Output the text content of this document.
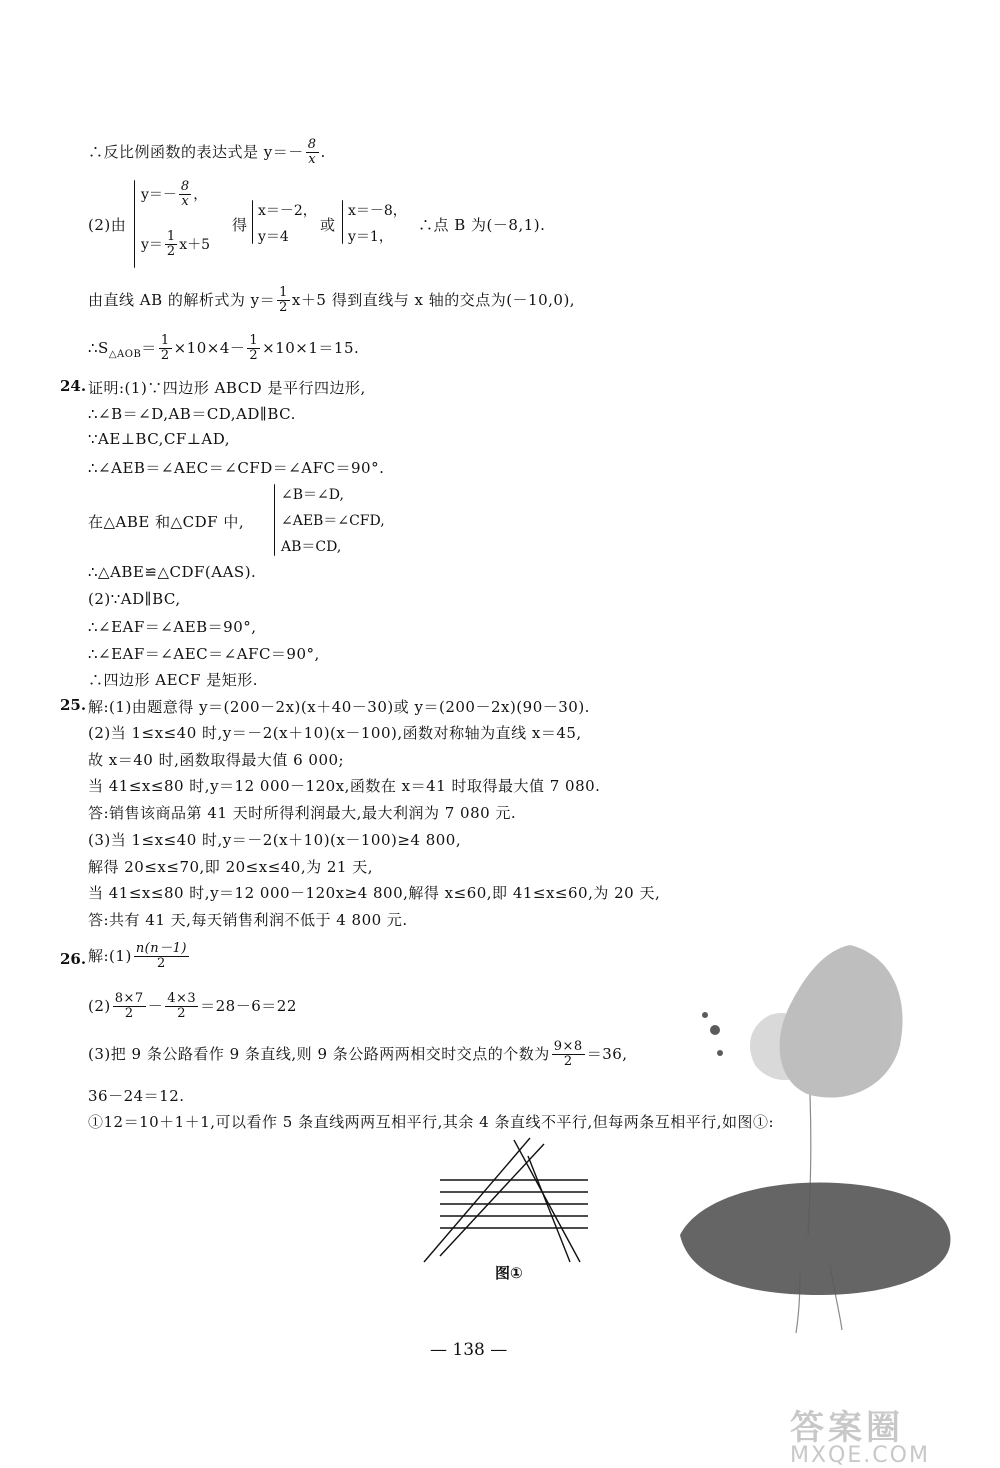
∴反比例函数的表达式是 $y=- \frac{8}{x}$ .
(2)由
$y=- \frac{8}{x}$ ，
$y= \frac{1}{2} x+5$
得
x＝－2，
y＝4
或
x＝－8，
y＝1，
∴点 B 为(－8,1).
由直线 AB 的解析式为 $y= \frac{1}{2} x+5$ 得到直线与 x 轴的交点为(－10,0),
$\therefore S_{\triangle AOB}= \frac{1}{2} \times 10\times 4- \frac{1}{2} \times 10\times 1=15$.
24. 证明:(1)∵四边形 ABCD 是平行四边形,
∴∠B＝∠D,AB＝CD,AD∥BC.
∵AE⊥BC,CF⊥AD,
∴∠AEB＝∠AEC＝∠CFD＝∠AFC＝90°.
在△ABE 和△CDF 中,
∠B＝∠D,
∠AEB＝∠CFD,
AB＝CD,
∴△ABE≌△CDF(AAS).
(2)∵AD∥BC,
∴∠EAF＝∠AEB＝90°,
∴∠EAF＝∠AEC＝∠AFC＝90°,
∴四边形 AECF 是矩形.
25. 解:(1)由题意得 y＝(200－2x)(x＋40－30)或 y＝(200－2x)(90－30).
(2)当 1≤x≤40 时,y＝－2(x＋10)(x－100),函数对称轴为直线 x＝45,
故 x＝40 时,函数取得最大值 6 000;
当 41≤x≤80 时,y＝12 000－120x,函数在 x＝41 时取得最大值 7 080.
答:销售该商品第 41 天时所得利润最大,最大利润为 7 080 元.
(3)当 1≤x≤40 时,y＝－2(x＋10)(x－100)≥4 800,
解得 20≤x≤70,即 20≤x≤40,为 21 天,
当 41≤x≤80 时,y＝12 000－120x≥4 800,解得 x≤60,即 41≤x≤60,为 20 天,
答:共有 41 天,每天销售利润不低于 4 800 元.
26. 解:(1) $\frac{n(n-1)}{2}$
$(2) \frac{8\times 7}{2} - \frac{4\times 3}{2} =28-6=22$
(3)把 9 条公路看作 9 条直线,则 9 条公路两两相交时交点的个数为 $\frac{9\times 8}{2} =36$,
36－24＝12.
①12＝10＋1＋1,可以看作 5 条直线两两互相平行,其余 4 条直线不平行,但每两条互相平行,如图①:
图①
— 138 —
答案圈
MXQE.COM
